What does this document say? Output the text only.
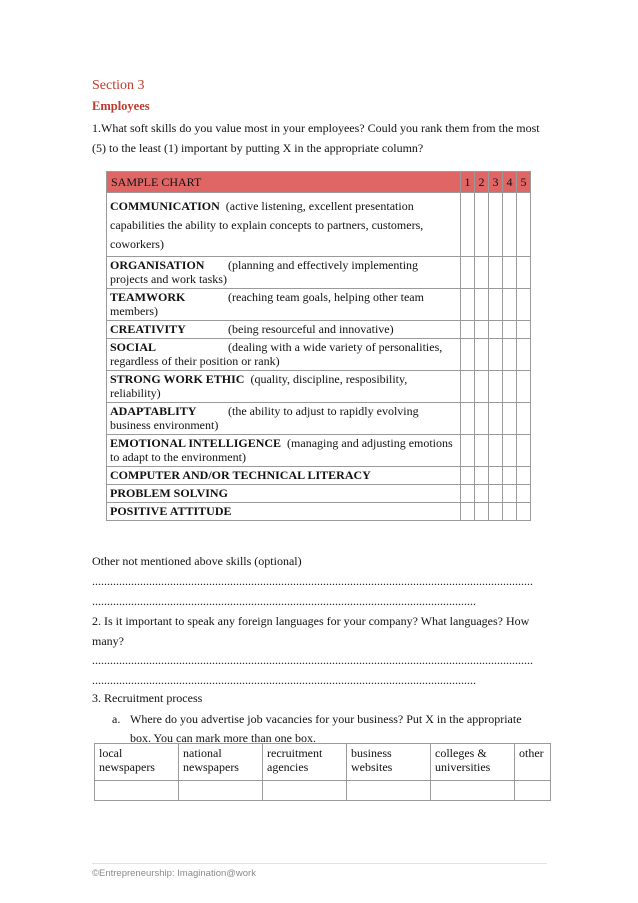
Section 3
Employees
1.What soft skills do you value most in your employees? Could you rank them from the most (5) to the least (1) important by putting X in the appropriate column?
SAMPLE CHART	1	2	3	4	5
COMMUNICATION (active listening, excellent presentation capabilities the ability to explain concepts to partners, customers, coworkers)					
ORGANISATION (planning and effectively implementing projects and work tasks)					
TEAMWORK (reaching team goals, helping other team members)					
CREATIVITY (being resourceful and innovative)					
SOCIAL (dealing with a wide variety of personalities, regardless of their position or rank)					
STRONG WORK ETHIC (quality, discipline, resposibility, reliability)					
ADAPTABLITY (the ability to adjust to rapidly evolving business environment)					
EMOTIONAL INTELLIGENCE (managing and adjusting emotions to adapt to the environment)					
COMPUTER AND/OR TECHNICAL LITERACY					
PROBLEM SOLVING					
POSITIVE ATTITUDE					
Other not mentioned above skills (optional)
...................................................................................................................................................
................................................................................................................................
2. Is it important to speak any foreign languages for your company? What languages? How many?
...................................................................................................................................................
................................................................................................................................
3. Recruitment process
a. Where do you advertise job vacancies for your business? Put X in the appropriate box. You can mark more than one box.
local newspapers	national newspapers	recruitment agencies	business websites	colleges & universities	other

©Entrepreneurship: Imagination@work
